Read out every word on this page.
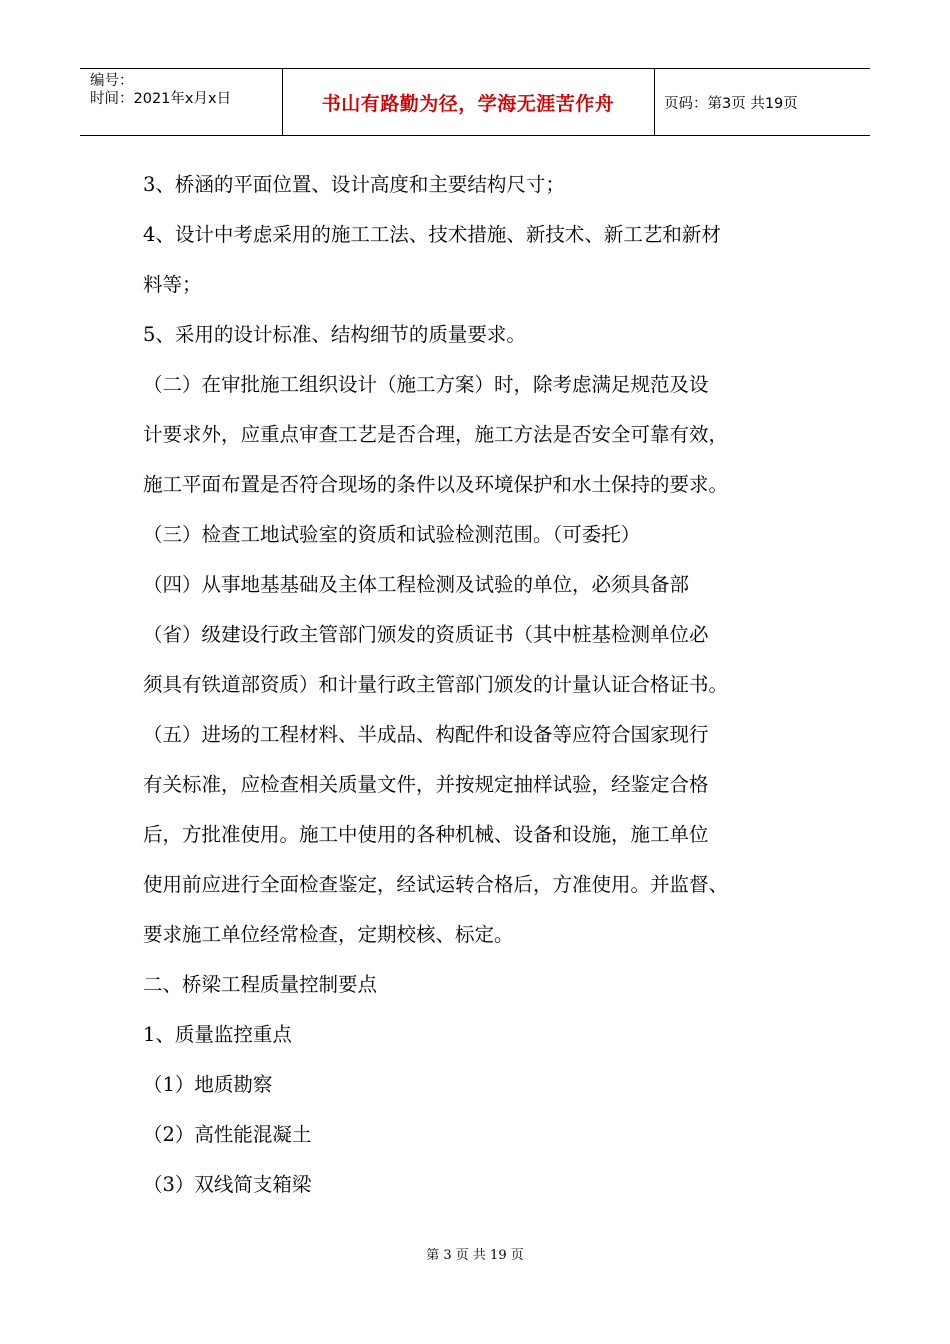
编号：
时间：2021年x月x日	书山有路勤为径，学海无涯苦作舟	页码：第3页 共19页

3、桥涵的平面位置、设计高度和主要结构尺寸；

4、设计中考虑采用的施工工法、技术措施、新技术、新工艺和新材

料等；

5、采用的设计标准、结构细节的质量要求。

（二）在审批施工组织设计（施工方案）时，除考虑满足规范及设

计要求外，应重点审查工艺是否合理，施工方法是否安全可靠有效，

施工平面布置是否符合现场的条件以及环境保护和水土保持的要求。

（三）检查工地试验室的资质和试验检测范围。（可委托）

（四）从事地基基础及主体工程检测及试验的单位，必须具备部

（省）级建设行政主管部门颁发的资质证书（其中桩基检测单位必

须具有铁道部资质）和计量行政主管部门颁发的计量认证合格证书。

（五）进场的工程材料、半成品、构配件和设备等应符合国家现行

有关标准，应检查相关质量文件，并按规定抽样试验，经鉴定合格

后，方批准使用。施工中使用的各种机械、设备和设施，施工单位

使用前应进行全面检查鉴定，经试运转合格后，方准使用。并监督、

要求施工单位经常检查，定期校核、标定。

二、桥梁工程质量控制要点

1、质量监控重点

（1）地质勘察

（2）高性能混凝土

（3）双线简支箱梁

第 3 页 共 19 页
